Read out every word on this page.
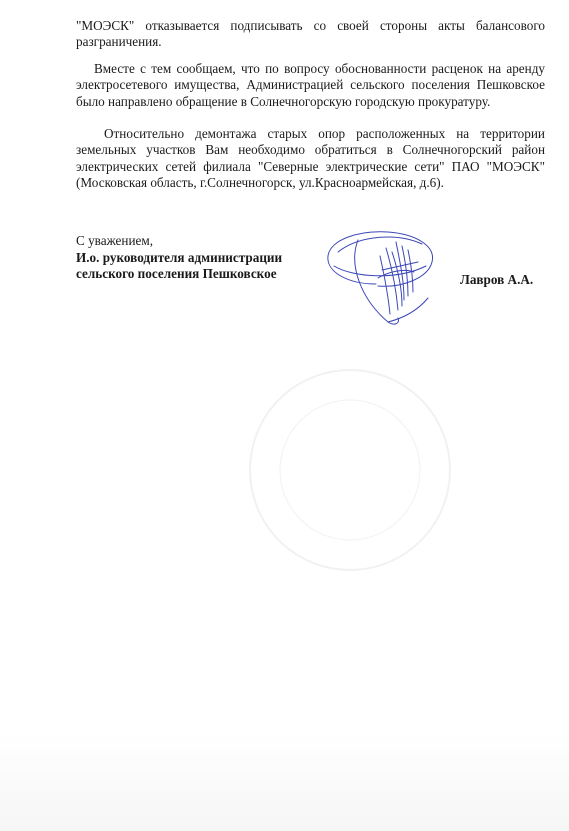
"МОЭСК" отказывается подписывать со своей стороны акты балансового разграничения.
Вместе с тем сообщаем, что по вопросу обоснованности расценок на аренду электросетевого имущества, Администрацией сельского поселения Пешковское было направлено обращение в Солнечногорскую городскую прокуратуру.
Относительно демонтажа старых опор расположенных на территории земельных участков Вам необходимо обратиться в Солнечногорский район электрических сетей филиала "Северные электрические сети" ПАО "МОЭСК" (Московская область, г.Солнечногорск, ул.Красноармейская, д.6).
С уважением,
И.о. руководителя администрации
сельского поселения Пешковское	Лавров А.А.
